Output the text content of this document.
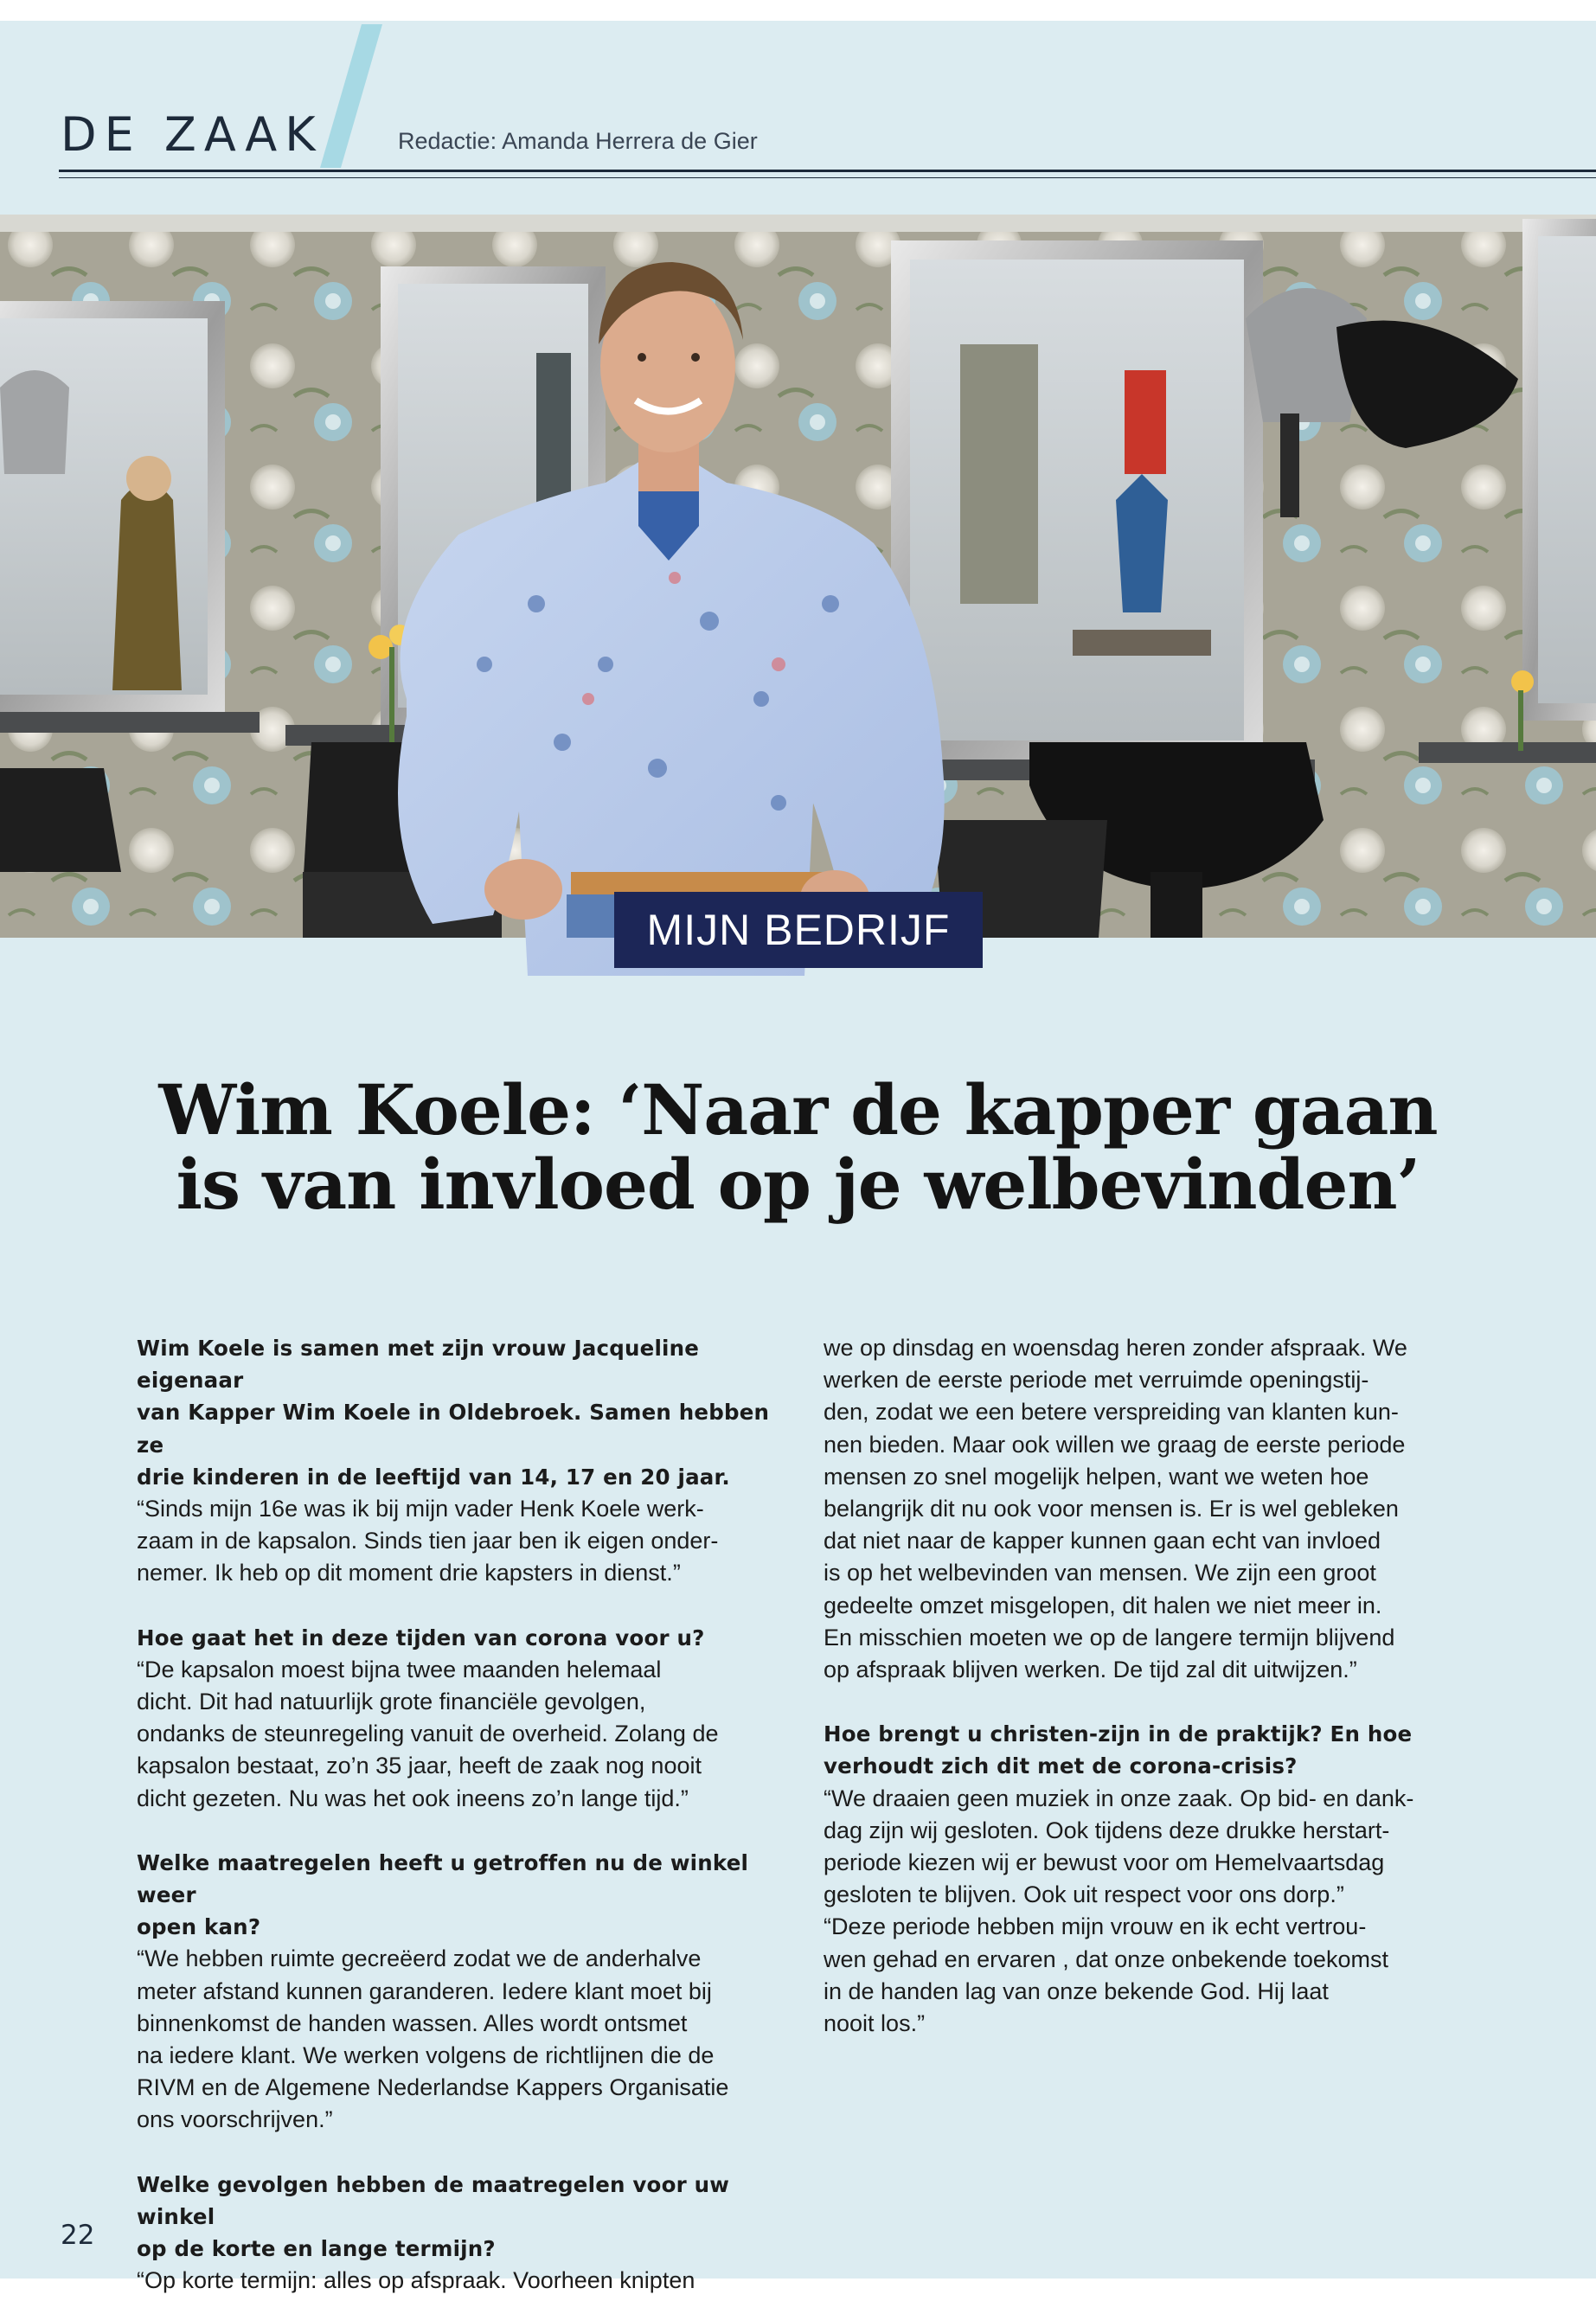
DE ZAAK	Redactie: Amanda Herrera de Gier
MIJN BEDRIJF
Wim Koele: ‘Naar de kapper gaan
is van invloed op je welbevinden’
Wim Koele is samen met zijn vrouw Jacqueline eigenaar
van Kapper Wim Koele in Oldebroek. Samen hebben ze
drie kinderen in de leeftijd van 14, 17 en 20 jaar.
“Sinds mijn 16e was ik bij mijn vader Henk Koele werk-
zaam in de kapsalon. Sinds tien jaar ben ik eigen onder-
nemer. Ik heb op dit moment drie kapsters in dienst.”
Hoe gaat het in deze tijden van corona voor u?
“De kapsalon moest bijna twee maanden helemaal
dicht. Dit had natuurlijk grote financiële gevolgen,
ondanks de steunregeling vanuit de overheid. Zolang de
kapsalon bestaat, zo’n 35 jaar, heeft de zaak nog nooit
dicht gezeten. Nu was het ook ineens zo’n lange tijd.”
Welke maatregelen heeft u getroffen nu de winkel weer
open kan?
“We hebben ruimte gecreëerd zodat we de anderhalve
meter afstand kunnen garanderen. Iedere klant moet bij
binnenkomst de handen wassen. Alles wordt ontsmet
na iedere klant. We werken volgens de richtlijnen die de
RIVM en de Algemene Nederlandse Kappers Organisatie
ons voorschrijven.”
Welke gevolgen hebben de maatregelen voor uw winkel
op de korte en lange termijn?
“Op korte termijn: alles op afspraak. Voorheen knipten
we op dinsdag en woensdag heren zonder afspraak. We
werken de eerste periode met verruimde openingstij-
den, zodat we een betere verspreiding van klanten kun-
nen bieden. Maar ook willen we graag de eerste periode
mensen zo snel mogelijk helpen, want we weten hoe
belangrijk dit nu ook voor mensen is. Er is wel gebleken
dat niet naar de kapper kunnen gaan echt van invloed
is op het welbevinden van mensen. We zijn een groot
gedeelte omzet misgelopen, dit halen we niet meer in.
En misschien moeten we op de langere termijn blijvend
op afspraak blijven werken. De tijd zal dit uitwijzen.”
Hoe brengt u christen-zijn in de praktijk? En hoe
verhoudt zich dit met de corona-crisis?
“We draaien geen muziek in onze zaak. Op bid- en dank-
dag zijn wij gesloten. Ook tijdens deze drukke herstart-
periode kiezen wij er bewust voor om Hemelvaartsdag
gesloten te blijven. Ook uit respect voor ons dorp.”
“Deze periode hebben mijn vrouw en ik echt vertrou-
wen gehad en ervaren , dat onze onbekende toekomst
in de handen lag van onze bekende God. Hij laat
nooit los.”
22
